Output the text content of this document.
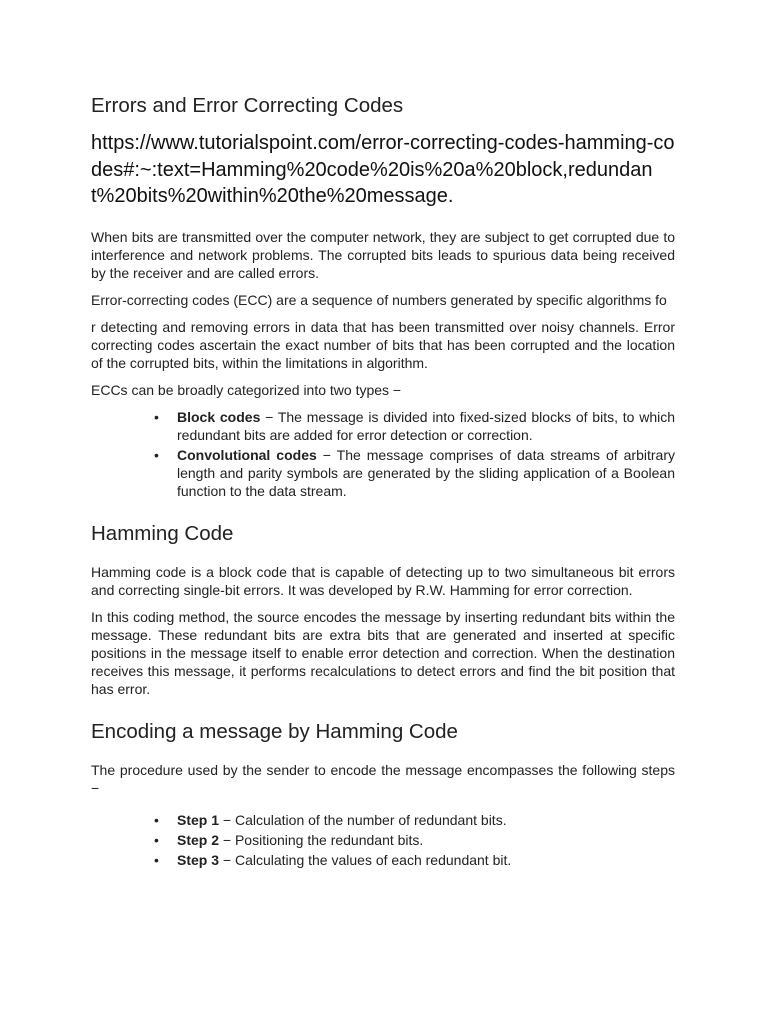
Errors and Error Correcting Codes
https://www.tutorialspoint.com/error-correcting-codes-hamming-codes#:~:text=Hamming%20code%20is%20a%20block,redundant%20bits%20within%20the%20message.

When bits are transmitted over the computer network, they are subject to get corrupted due to interference and network problems. The corrupted bits leads to spurious data being received by the receiver and are called errors.

Error-correcting codes (ECC) are a sequence of numbers generated by specific algorithms fo

r detecting and removing errors in data that has been transmitted over noisy channels. Error correcting codes ascertain the exact number of bits that has been corrupted and the location of the corrupted bits, within the limitations in algorithm.

ECCs can be broadly categorized into two types −

• Block codes − The message is divided into fixed-sized blocks of bits, to which redundant bits are added for error detection or correction.
• Convolutional codes − The message comprises of data streams of arbitrary length and parity symbols are generated by the sliding application of a Boolean function to the data stream.
Hamming Code

Hamming code is a block code that is capable of detecting up to two simultaneous bit errors and correcting single-bit errors. It was developed by R.W. Hamming for error correction.

In this coding method, the source encodes the message by inserting redundant bits within the message. These redundant bits are extra bits that are generated and inserted at specific positions in the message itself to enable error detection and correction. When the destination receives this message, it performs recalculations to detect errors and find the bit position that has error.

Encoding a message by Hamming Code

The procedure used by the sender to encode the message encompasses the following steps −

• Step 1 − Calculation of the number of redundant bits.
• Step 2 − Positioning the redundant bits.
• Step 3 − Calculating the values of each redundant bit.
